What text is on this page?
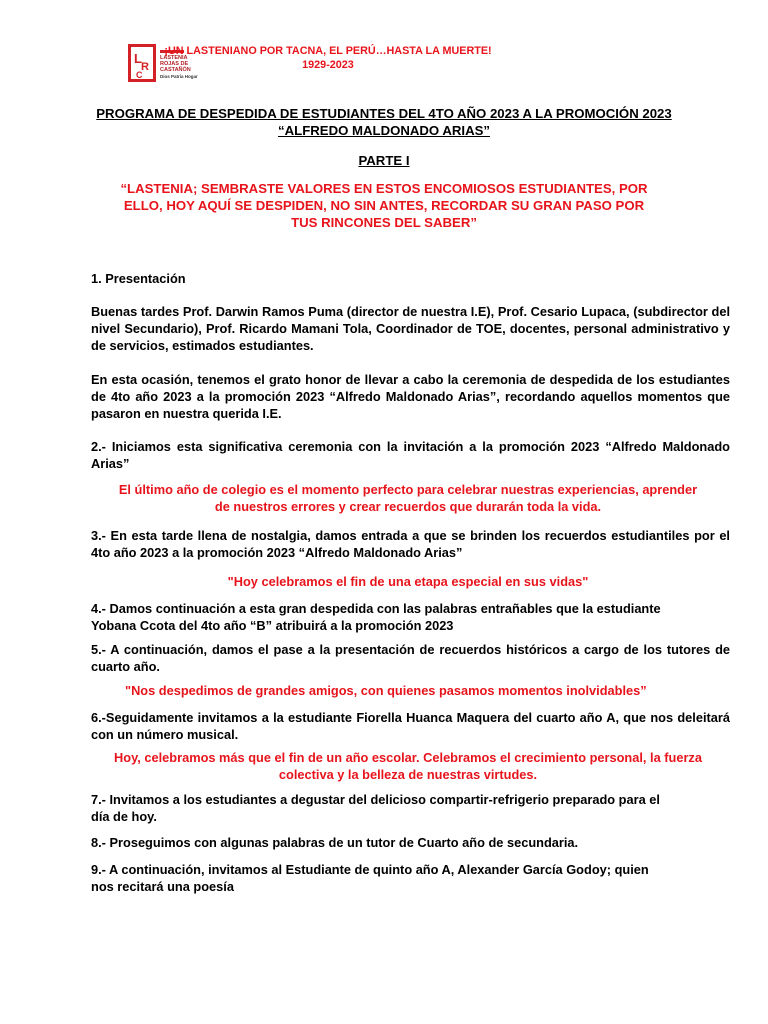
L
R
C
LASTENIA
ROJAS DE
CASTAÑÓN
Dios Patria Hogar
¡UN LASTENIANO POR TACNA, EL PERÚ…HASTA LA MUERTE!
1929-2023
PROGRAMA DE DESPEDIDA DE ESTUDIANTES DEL 4TO AÑO 2023 A LA PROMOCIÓN 2023 “ALFREDO MALDONADO ARIAS”
PARTE I
“LASTENIA; SEMBRASTE VALORES EN ESTOS ENCOMIOSOS ESTUDIANTES, POR ELLO, HOY AQUÍ SE DESPIDEN, NO SIN ANTES, RECORDAR SU GRAN PASO POR TUS RINCONES DEL SABER”
1. Presentación
Buenas tardes Prof. Darwin Ramos Puma (director de nuestra I.E), Prof. Cesario Lupaca, (subdirector del nivel Secundario), Prof. Ricardo Mamani Tola, Coordinador de TOE, docentes, personal administrativo y de servicios, estimados estudiantes.
En esta ocasión, tenemos el grato honor de llevar a cabo la ceremonia de despedida de los estudiantes de 4to año 2023 a la promoción 2023 “Alfredo Maldonado Arias”, recordando aquellos momentos que pasaron en nuestra querida I.E.
2.- Iniciamos esta significativa ceremonia con la invitación a la promoción 2023 “Alfredo Maldonado Arias”
El último año de colegio es el momento perfecto para celebrar nuestras experiencias, aprender de nuestros errores y crear recuerdos que durarán toda la vida.
3.- En esta tarde llena de nostalgia, damos entrada a que se brinden los recuerdos estudiantiles por el 4to año 2023 a la promoción 2023 “Alfredo Maldonado Arias”
"Hoy celebramos el fin de una etapa especial en sus vidas"
4.- Damos continuación a esta gran despedida con las palabras entrañables que la estudiante
Yobana Ccota del 4to año “B” atribuirá a la promoción 2023
5.- A continuación, damos el pase a la presentación de recuerdos históricos a cargo de los tutores de cuarto año.
"Nos despedimos de grandes amigos, con quienes pasamos momentos inolvidables”
6.-Seguidamente invitamos a la estudiante Fiorella Huanca Maquera del cuarto año A, que nos deleitará con un número musical.
Hoy, celebramos más que el fin de un año escolar. Celebramos el crecimiento personal, la fuerza colectiva y la belleza de nuestras virtudes.
7.- Invitamos a los estudiantes a degustar del delicioso compartir-refrigerio preparado para el
día de hoy.
8.- Proseguimos con algunas palabras de un tutor de Cuarto año de secundaria.
9.- A continuación, invitamos al Estudiante de quinto año A, Alexander García Godoy; quien
nos recitará una poesía
